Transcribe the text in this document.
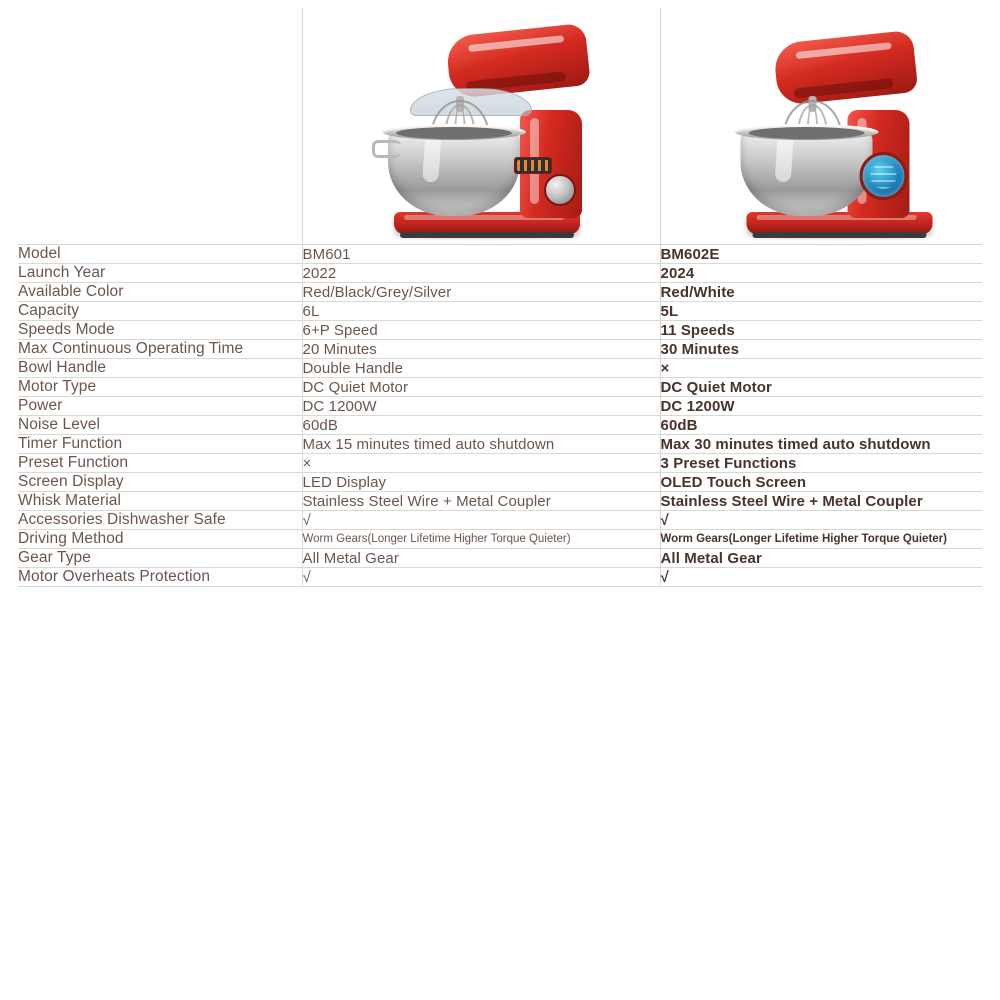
Model	BM601	BM602E
Launch Year	2022	2024
Available Color	Red/Black/Grey/Silver	Red/White
Capacity	6L	5L
Speeds Mode	6+P Speed	11 Speeds
Max Continuous Operating Time	20 Minutes	30 Minutes
Bowl Handle	Double Handle	×
Motor Type	DC Quiet Motor	DC Quiet Motor
Power	DC 1200W	DC 1200W
Noise Level	60dB	60dB
Timer Function	Max 15 minutes timed auto shutdown	Max 30 minutes timed auto shutdown
Preset Function	×	3 Preset Functions
Screen Display	LED Display	OLED Touch Screen
Whisk Material	Stainless Steel Wire + Metal Coupler	Stainless Steel Wire + Metal Coupler
Accessories Dishwasher Safe	√	√
Driving Method	Worm Gears(Longer Lifetime Higher Torque Quieter)	Worm Gears(Longer Lifetime Higher Torque Quieter)
Gear Type	All Metal Gear	All Metal Gear
Motor Overheats Protection	√	√
